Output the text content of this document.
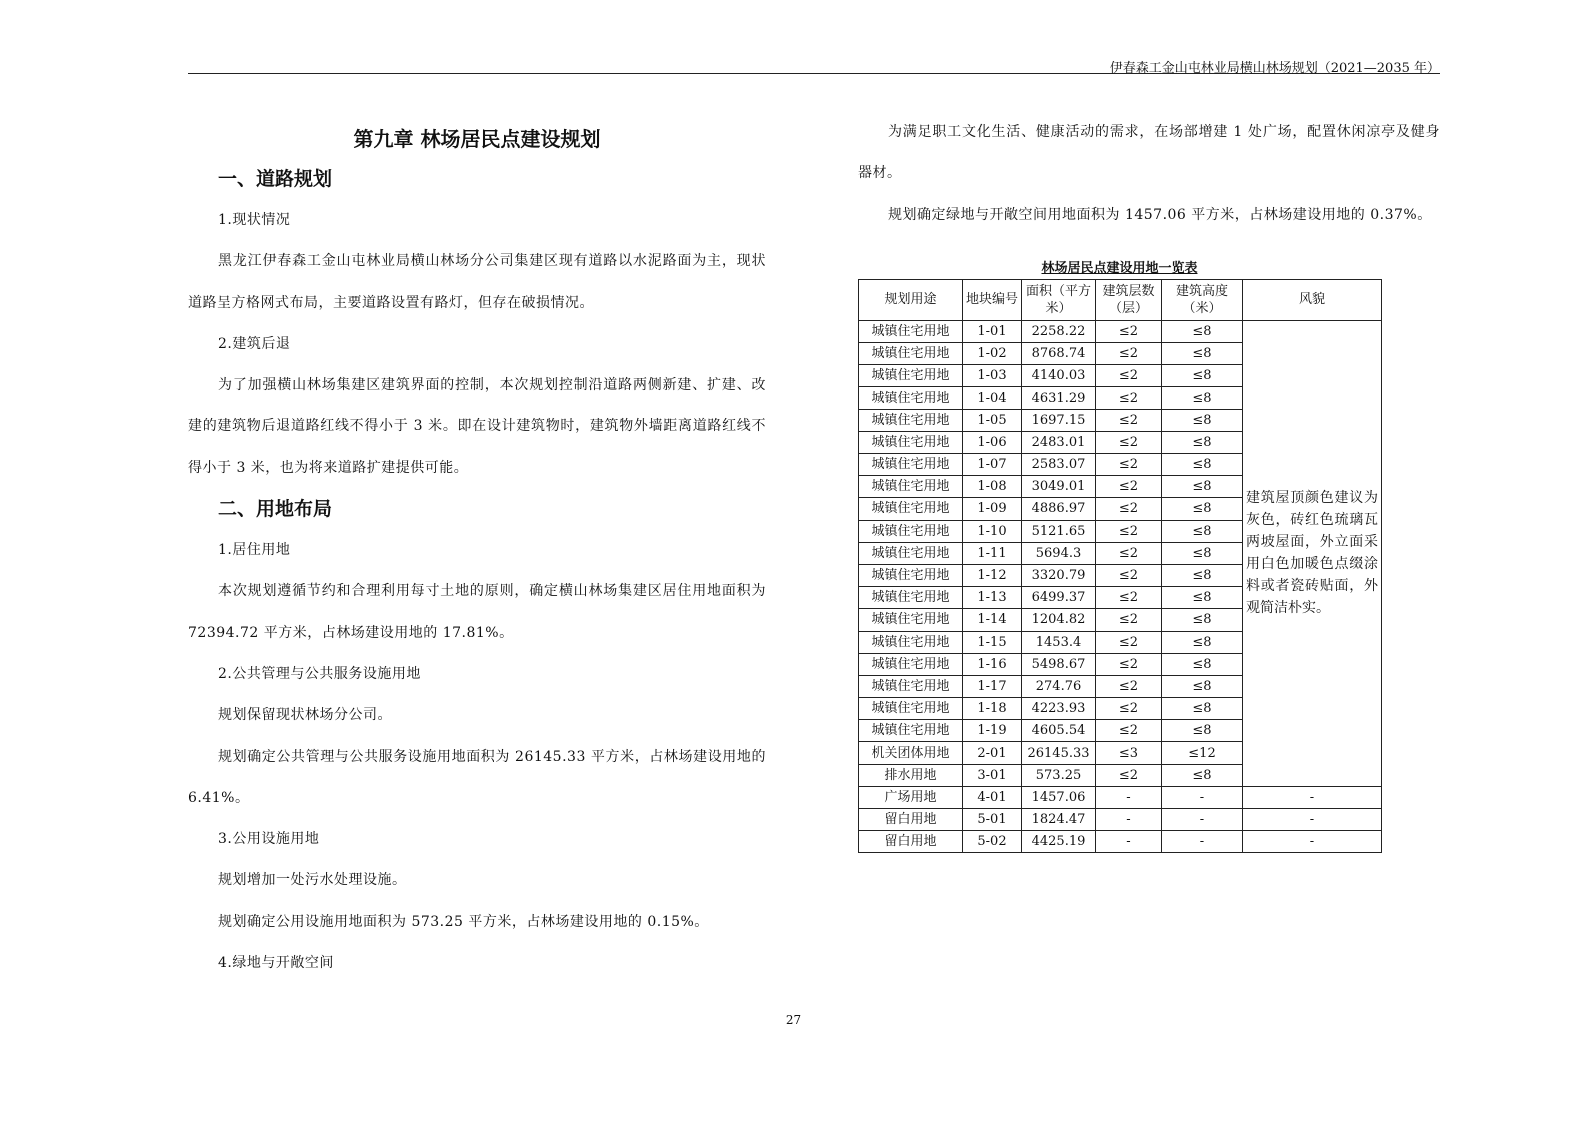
伊春森工金山屯林业局横山林场规划（2021—2035 年）
第九章 林场居民点建设规划
一、道路规划

1.现状情况

黑龙江伊春森工金山屯林业局横山林场分公司集建区现有道路以水泥路面为主，现状道路呈方格网式布局，主要道路设置有路灯，但存在破损情况。

2.建筑后退

为了加强横山林场集建区建筑界面的控制，本次规划控制沿道路两侧新建、扩建、改建的建筑物后退道路红线不得小于 3 米。即在设计建筑物时，建筑物外墙距离道路红线不得小于 3 米，也为将来道路扩建提供可能。

二、用地布局

1.居住用地

本次规划遵循节约和合理利用每寸土地的原则，确定横山林场集建区居住用地面积为 72394.72 平方米，占林场建设用地的 17.81%。

2.公共管理与公共服务设施用地

规划保留现状林场分公司。

规划确定公共管理与公共服务设施用地面积为 26145.33 平方米，占林场建设用地的 6.41%。

3.公用设施用地

规划增加一处污水处理设施。

规划确定公用设施用地面积为 573.25 平方米，占林场建设用地的 0.15%。

4.绿地与开敞空间

为满足职工文化生活、健康活动的需求，在场部增建 1 处广场，配置休闲凉亭及健身器材。

规划确定绿地与开敞空间用地面积为 1457.06 平方米，占林场建设用地的 0.37%。

林场居民点建设用地一览表
规划用途	地块编号	面积（平方米）	建筑层数（层）	建筑高度（米）	风貌
城镇住宅用地	1-01	2258.22	≤2	≤8	建筑屋顶颜色建议为灰色，砖红色琉璃瓦两坡屋面，外立面采用白色加暖色点缀涂料或者瓷砖贴面，外观简洁朴实。
城镇住宅用地	1-02	8768.74	≤2	≤8	
城镇住宅用地	1-03	4140.03	≤2	≤8	
城镇住宅用地	1-04	4631.29	≤2	≤8	
城镇住宅用地	1-05	1697.15	≤2	≤8	
城镇住宅用地	1-06	2483.01	≤2	≤8	
城镇住宅用地	1-07	2583.07	≤2	≤8	
城镇住宅用地	1-08	3049.01	≤2	≤8	
城镇住宅用地	1-09	4886.97	≤2	≤8	
城镇住宅用地	1-10	5121.65	≤2	≤8	
城镇住宅用地	1-11	5694.3	≤2	≤8	
城镇住宅用地	1-12	3320.79	≤2	≤8	
城镇住宅用地	1-13	6499.37	≤2	≤8	
城镇住宅用地	1-14	1204.82	≤2	≤8	
城镇住宅用地	1-15	1453.4	≤2	≤8	
城镇住宅用地	1-16	5498.67	≤2	≤8	
城镇住宅用地	1-17	274.76	≤2	≤8	
城镇住宅用地	1-18	4223.93	≤2	≤8	
城镇住宅用地	1-19	4605.54	≤2	≤8	
机关团体用地	2-01	26145.33	≤3	≤12	
排水用地	3-01	573.25	≤2	≤8	
广场用地	4-01	1457.06	-	-	-
留白用地	5-01	1824.47	-	-	-
留白用地	5-02	4425.19	-	-	-
27
